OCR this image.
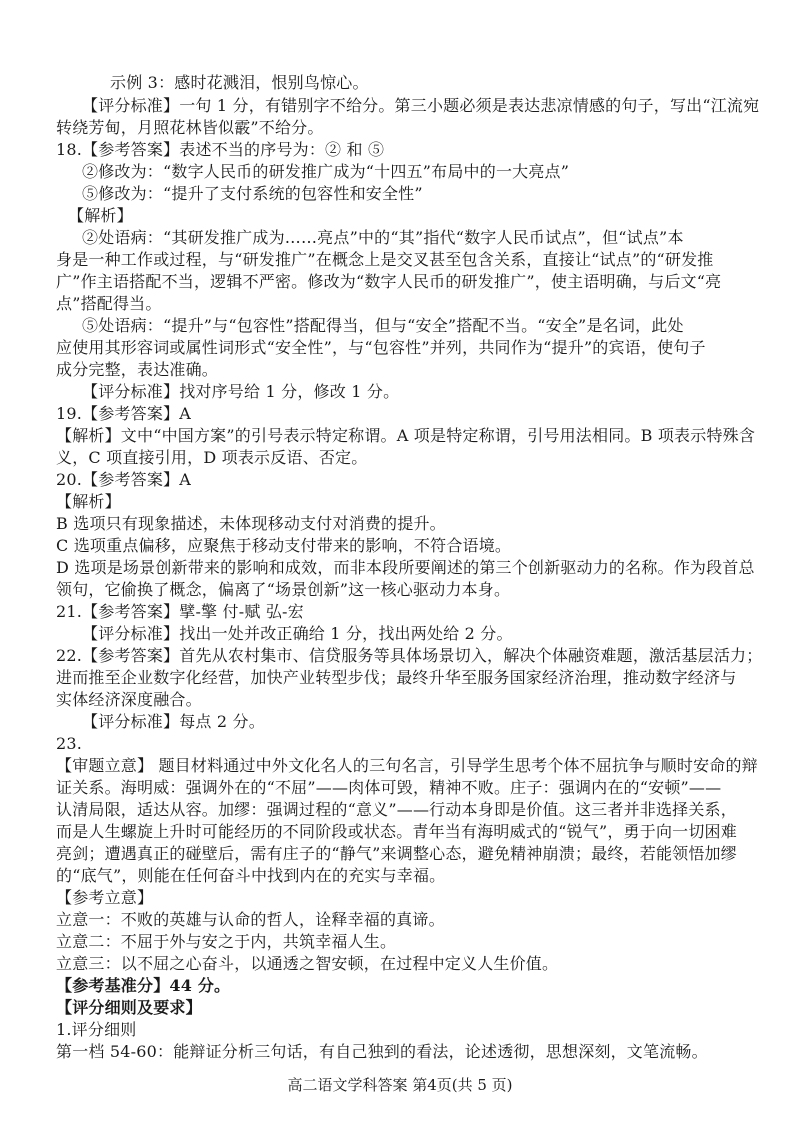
示例 3：感时花溅泪，恨别鸟惊心。
【评分标准】一句 1 分，有错别字不给分。第三小题必须是表达悲凉情感的句子，写出“江流宛
转绕芳甸，月照花林皆似霰”不给分。
18.【参考答案】表述不当的序号为：② 和 ⑤
②修改为：“数字人民币的研发推广成为“十四五”布局中的一大亮点”
⑤修改为：“提升了支付系统的包容性和安全性”
【解析】
②处语病：“其研发推广成为……亮点”中的“其”指代“数字人民币试点”，但“试点”本
身是一种工作或过程，与“研发推广”在概念上是交叉甚至包含关系，直接让“试点”的“研发推
广”作主语搭配不当，逻辑不严密。修改为“数字人民币的研发推广”，使主语明确，与后文“亮
点”搭配得当。
⑤处语病：“提升”与“包容性”搭配得当，但与“安全”搭配不当。“安全”是名词，此处
应使用其形容词或属性词形式“安全性”，与“包容性”并列，共同作为“提升”的宾语，使句子
成分完整，表达准确。
【评分标准】找对序号给 1 分，修改 1 分。
19.【参考答案】A
【解析】文中“中国方案”的引号表示特定称谓。A 项是特定称谓，引号用法相同。B 项表示特殊含
义，C 项直接引用，D 项表示反语、否定。
20.【参考答案】A
【解析】
B 选项只有现象描述，未体现移动支付对消费的提升。
C 选项重点偏移，应聚焦于移动支付带来的影响，不符合语境。
D 选项是场景创新带来的影响和成效，而非本段所要阐述的第三个创新驱动力的名称。作为段首总
领句，它偷换了概念，偏离了“场景创新”这一核心驱动力本身。
21.【参考答案】擘-擎 付-赋 弘-宏
【评分标准】找出一处并改正确给 1 分，找出两处给 2 分。
22.【参考答案】首先从农村集市、信贷服务等具体场景切入，解决个体融资难题，激活基层活力；
进而推至企业数字化经营，加快产业转型步伐；最终升华至服务国家经济治理，推动数字经济与
实体经济深度融合。
【评分标准】每点 2 分。
23.
【审题立意】 题目材料通过中外文化名人的三句名言，引导学生思考个体不屈抗争与顺时安命的辩
证关系。海明威：强调外在的“不屈”——肉体可毁，精神不败。庄子：强调内在的“安顿”——
认清局限，适达从容。加缪：强调过程的“意义”——行动本身即是价值。这三者并非选择关系，
而是人生螺旋上升时可能经历的不同阶段或状态。青年当有海明威式的“锐气”，勇于向一切困难
亮剑；遭遇真正的碰壁后，需有庄子的“静气”来调整心态，避免精神崩溃；最终，若能领悟加缪
的“底气”，则能在任何奋斗中找到内在的充实与幸福。
【参考立意】
立意一：不败的英雄与认命的哲人，诠释幸福的真谛。
立意二：不屈于外与安之于内，共筑幸福人生。
立意三：以不屈之心奋斗，以通透之智安顿，在过程中定义人生价值。
【参考基准分】44 分。
【评分细则及要求】
1.评分细则
第一档 54-60：能辩证分析三句话，有自己独到的看法，论述透彻，思想深刻，文笔流畅。
高二语文学科答案 第4页(共 5 页)
